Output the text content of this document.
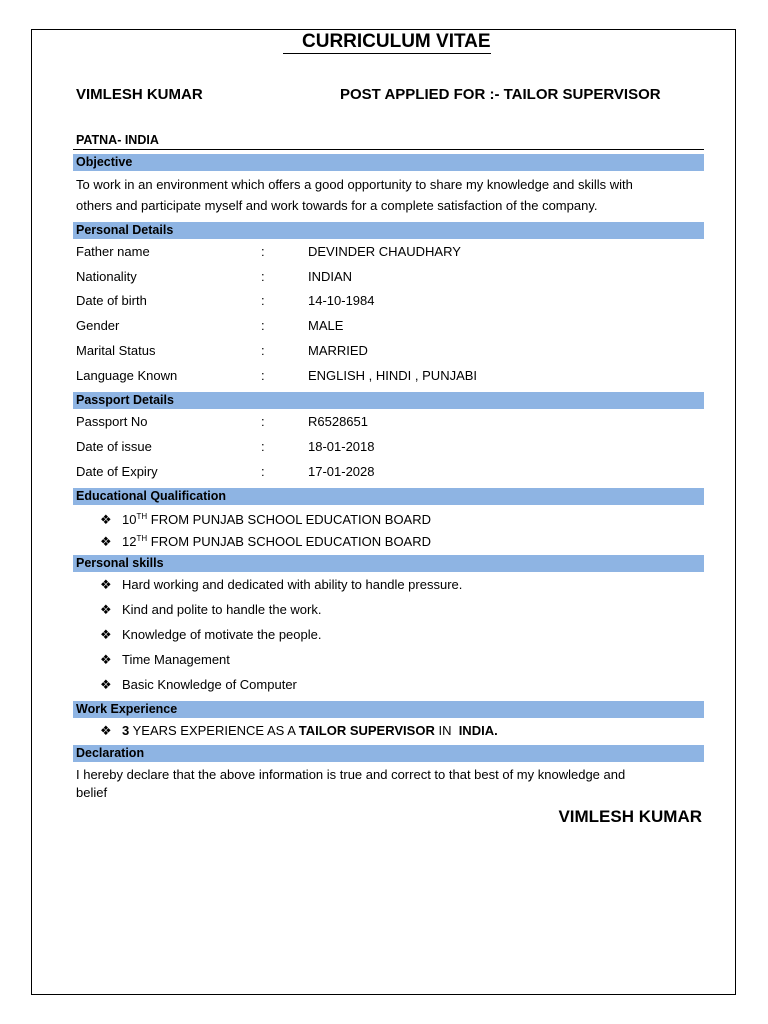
CURRICULUM VITAE
VIMLESH KUMAR	POST APPLIED FOR :- TAILOR SUPERVISOR
PATNA- INDIA
Objective
To work in an environment which offers a good opportunity to share my knowledge and skills with
others and participate myself and work towards for a complete satisfaction of the company.
Personal Details
Father name	:	DEVINDER CHAUDHARY
Nationality	:	INDIAN
Date of birth	:	14-10-1984
Gender	:	MALE
Marital Status	:	MARRIED
Language Known	:	ENGLISH , HINDI , PUNJABI
Passport Details
Passport No	:	R6528651
Date of issue	:	18-01-2018
Date of Expiry	:	17-01-2028
Educational Qualification
❖ 10TH FROM PUNJAB SCHOOL EDUCATION BOARD
❖ 12TH FROM PUNJAB SCHOOL EDUCATION BOARD
Personal skills
❖ Hard working and dedicated with ability to handle pressure.
❖ Kind and polite to handle the work.
❖ Knowledge of motivate the people.
❖ Time Management
❖ Basic Knowledge of Computer
Work Experience
❖ 3 YEARS EXPERIENCE AS A TAILOR SUPERVISOR IN  INDIA.
Declaration
I hereby declare that the above information is true and correct to that best of my knowledge and
belief
VIMLESH KUMAR
